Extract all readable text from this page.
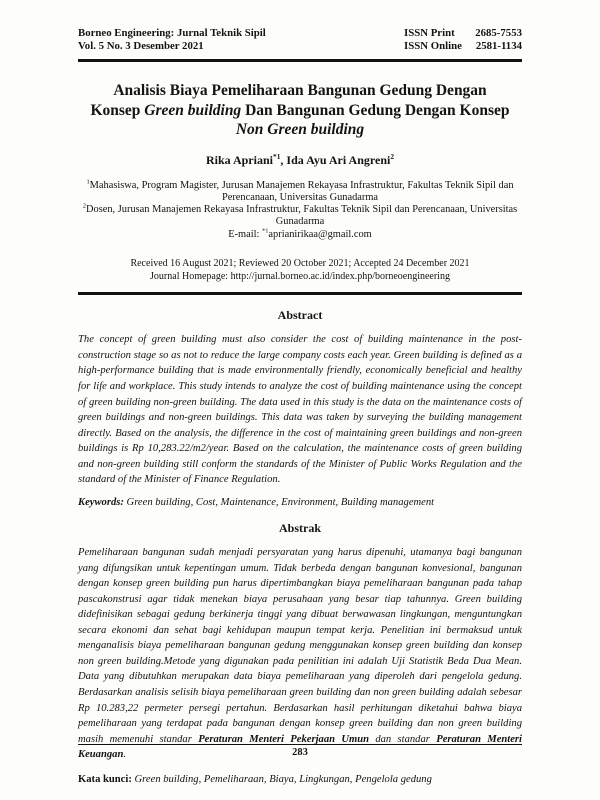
Borneo Engineering: Jurnal Teknik Sipil
Vol. 5 No. 3 Desember 2021
ISSN Print 2685-7553
ISSN Online 2581-1134
Analisis Biaya Pemeliharaan Bangunan Gedung Dengan
Konsep Green building Dan Bangunan Gedung Dengan Konsep
Non Green building
Rika Apriani$^{*1}$, Ida Ayu Ari Angreni$^2$
$^1$Mahasiswa, Program Magister, Jurusan Manajemen Rekayasa Infrastruktur, Fakultas Teknik Sipil dan Perencanaan, Universitas Gunadarma
$^2$Dosen, Jurusan Manajemen Rekayasa Infrastruktur, Fakultas Teknik Sipil dan Perencanaan, Universitas Gunadarma
E-mail: $^{*1}$aprianirikaa@gmail.com
Received 16 August 2021; Reviewed 20 October 2021; Accepted 24 December 2021
Journal Homepage: http://jurnal.borneo.ac.id/index.php/borneoengineering
Abstract
The concept of green building must also consider the cost of building maintenance in the post-construction stage so as not to reduce the large company costs each year. Green building is defined as a high-performance building that is made environmentally friendly, economically beneficial and healthy for life and workplace. This study intends to analyze the cost of building maintenance using the concept of green building non-green building. The data used in this study is the data on the maintenance costs of green buildings and non-green buildings. This data was taken by surveying the building management directly. Based on the analysis, the difference in the cost of maintaining green buildings and non-green buildings is Rp 10,283.22/m2/year. Based on the calculation, the maintenance costs of green building and non-green building still conform the standards of the Minister of Public Works Regulation and the standard of the Minister of Finance Regulation.
Keywords: Green building, Cost, Maintenance, Environment, Building management
Abstrak
Pemeliharaan bangunan sudah menjadi persyaratan yang harus dipenuhi, utamanya bagi bangunan yang difungsikan untuk kepentingan umum. Tidak berbeda dengan bangunan konvesional, bangunan dengan konsep green building pun harus dipertimbangkan biaya pemeliharaan bangunan pada tahap pascakonstrusi agar tidak menekan biaya perusahaan yang besar tiap tahunnya. Green building didefinisikan sebagai gedung berkinerja tinggi yang dibuat berwawasan lingkungan, menguntungkan secara ekonomi dan sehat bagi kehidupan maupun tempat kerja. Penelitian ini bermaksud untuk menganalisis biaya pemeliharaan bangunan gedung menggunakan konsep green building dan konsep non green building.Metode yang digunakan pada penilitian ini adalah Uji Statistik Beda Dua Mean. Data yang dibutuhkan merupakan data biaya pemeliharaan yang diperoleh dari pengelola gedung. Berdasarkan analisis selisih biaya pemeliharaan green building dan non green building adalah sebesar Rp 10.283,22 permeter persegi pertahun. Berdasarkan hasil perhitungan diketahui bahwa biaya pemeliharaan yang terdapat pada bangunan dengan konsep green building dan non green building masih memenuhi standar Peraturan Menteri Pekerjaan Umun dan standar Peraturan Menteri Keuangan.
Kata kunci: Green building, Pemeliharaan, Biaya, Lingkungan, Pengelola gedung
283
